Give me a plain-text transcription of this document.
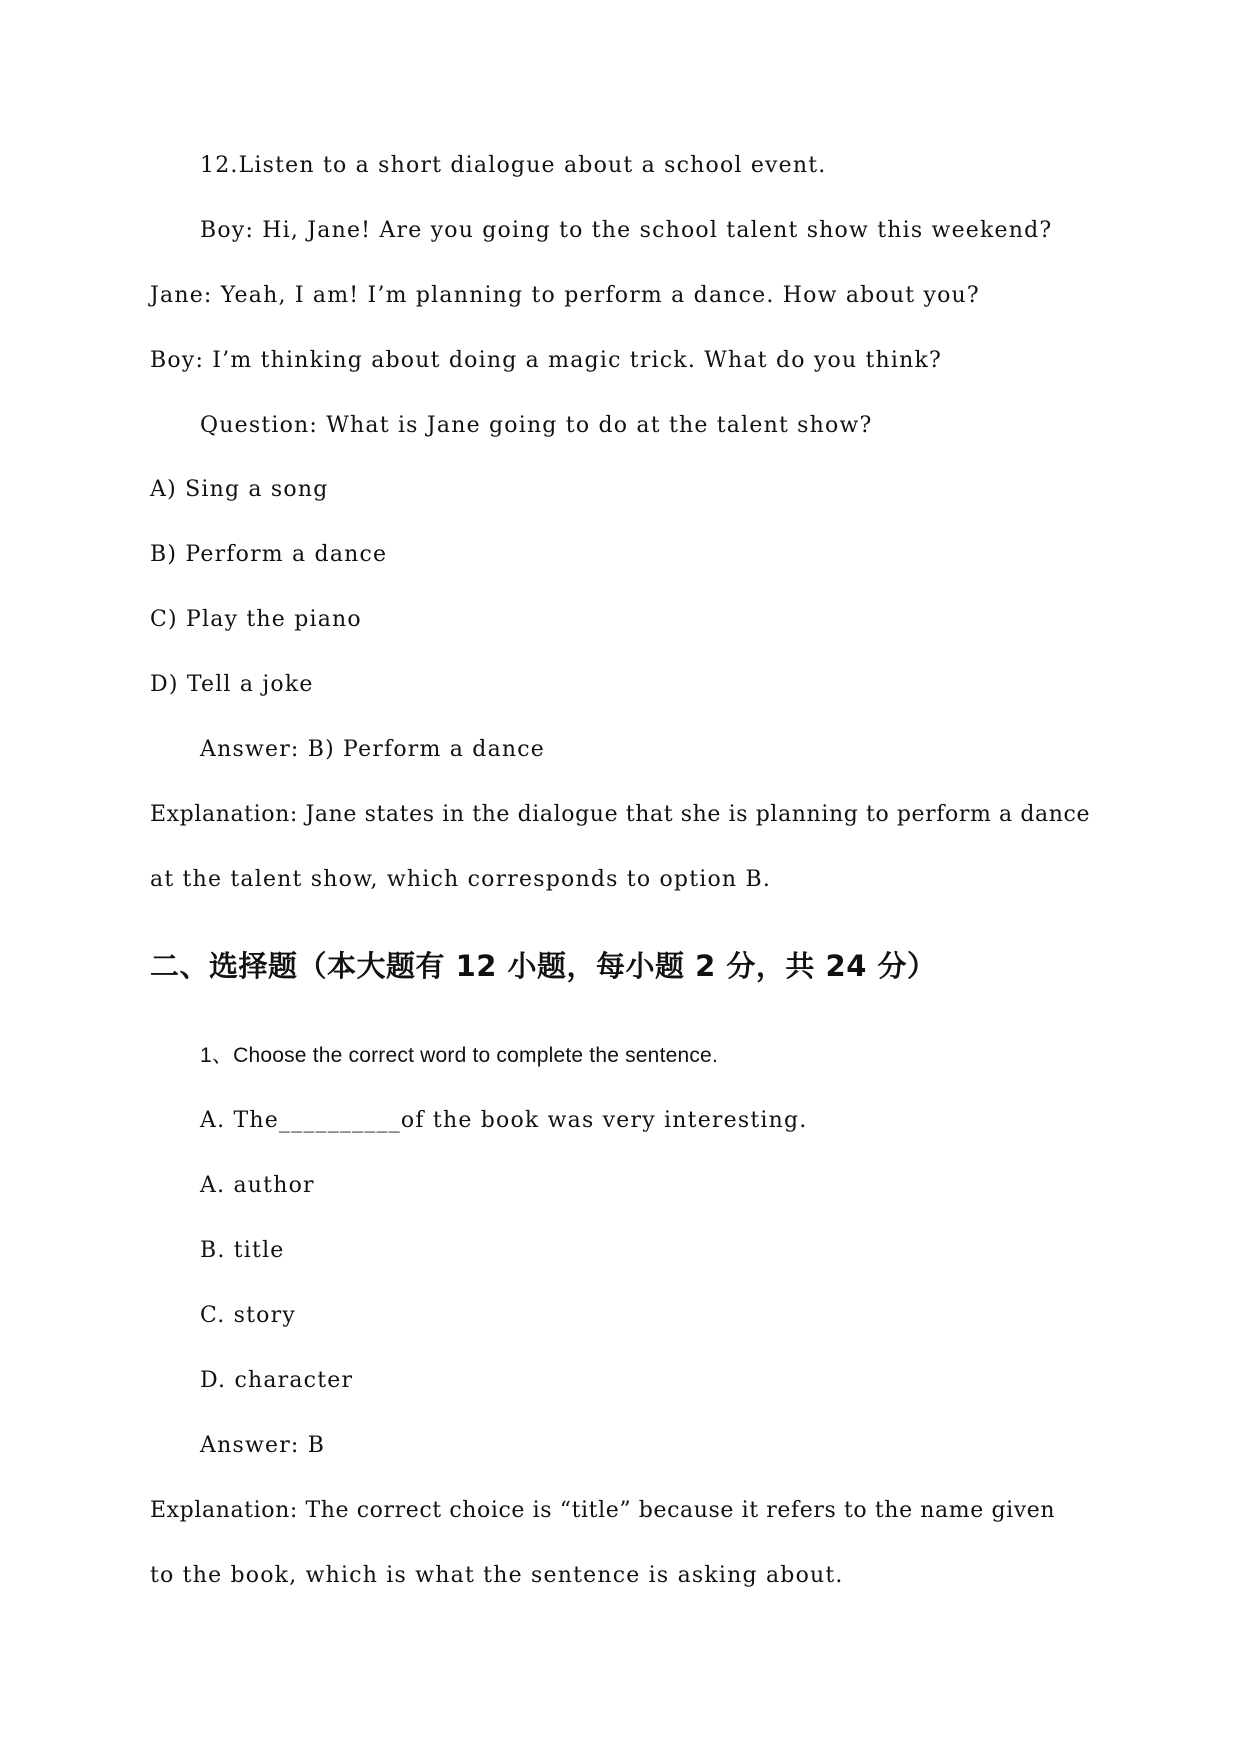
12.Listen to a short dialogue about a school event.
Boy: Hi, Jane! Are you going to the school talent show this weekend?
Jane: Yeah, I am! I’m planning to perform a dance. How about you?
Boy: I’m thinking about doing a magic trick. What do you think?
Question: What is Jane going to do at the talent show?
A) Sing a song
B) Perform a dance
C) Play the piano
D) Tell a joke
Answer: B) Perform a dance
Explanation: Jane states in the dialogue that she is planning to perform a dance
at the talent show, which corresponds to option B.
二、选择题（本大题有 12 小题，每小题 2 分，共 24 分）
1、Choose the correct word to complete the sentence.
A. The__________of the book was very interesting.
A. author
B. title
C. story
D. character
Answer: B
Explanation: The correct choice is “title” because it refers to the name given
to the book, which is what the sentence is asking about.
